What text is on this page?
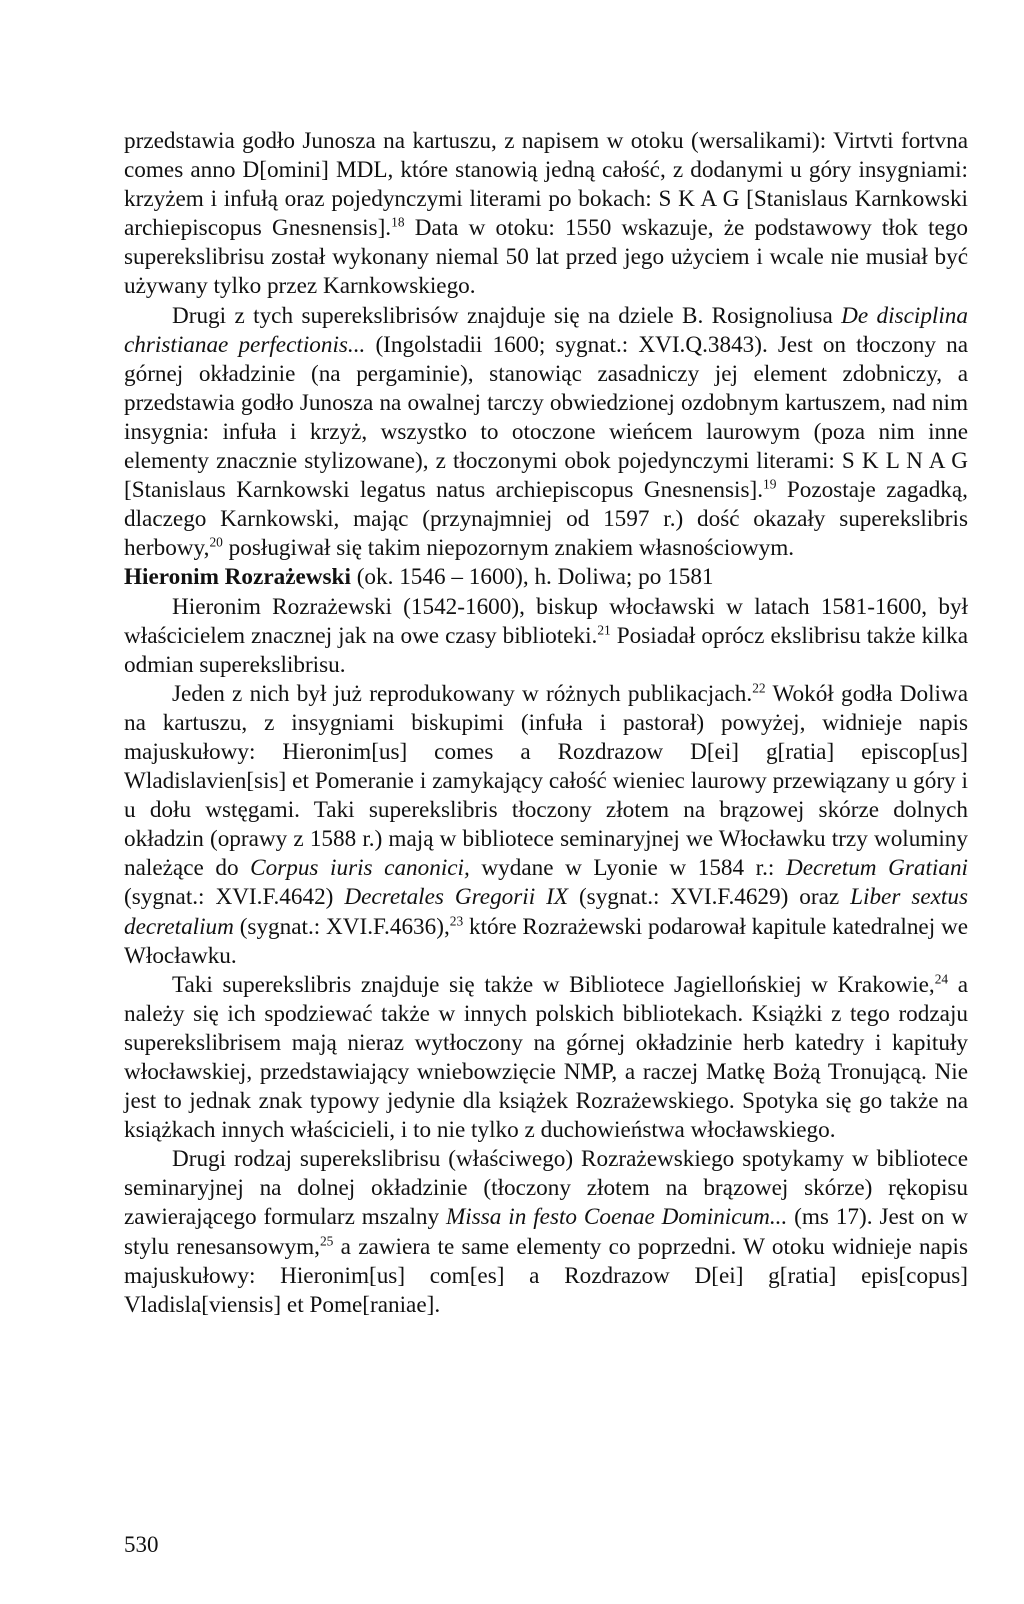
przedstawia godło Junosza na kartuszu, z napisem w otoku (wersalikami): Virtvti fortvna comes anno D[omini] MDL, które stanowią jedną całość, z dodanymi u góry insygniami: krzyżem i infułą oraz pojedynczymi literami po bokach: S K A G [Stanislaus Karnkowski archiepiscopus Gnesnensis].$^{18}$ Data w otoku: 1550 wskazuje, że podstawowy tłok tego superekslibrisu został wykonany niemal 50 lat przed jego użyciem i wcale nie musiał być używany tylko przez Karnkowskiego.

Drugi z tych superekslibrisów znajduje się na dziele B. Rosignoliusa De disciplina christianae perfectionis... (Ingolstadii 1600; sygnat.: XVI.Q.3843). Jest on tłoczony na górnej okładzinie (na pergaminie), stanowiąc zasadniczy jej element zdobniczy, a przedstawia godło Junosza na owalnej tarczy obwiedzionej ozdobnym kartuszem, nad nim insygnia: infuła i krzyż, wszystko to otoczone wieńcem laurowym (poza nim inne elementy znacznie stylizowane), z tłoczonymi obok pojedynczymi literami: S K L N A G [Stanislaus Karnkowski legatus natus archiepiscopus Gnesnensis].$^{19}$ Pozostaje zagadką, dlaczego Karnkowski, mając (przynajmniej od 1597 r.) dość okazały superekslibris herbowy,$^{20}$ posługiwał się takim niepozornym znakiem własnościowym.

Hieronim Rozrażewski (ok. 1546 – 1600), h. Doliwa; po 1581

Hieronim Rozrażewski (1542-1600), biskup włocławski w latach 1581-1600, był właścicielem znacznej jak na owe czasy biblioteki.$^{21}$ Posiadał oprócz ekslibrisu także kilka odmian superekslibrisu.

Jeden z nich był już reprodukowany w różnych publikacjach.$^{22}$ Wokół godła Doliwa na kartuszu, z insygniami biskupimi (infuła i pastorał) powyżej, widnieje napis majuskułowy: Hieronim[us] comes a Rozdrazow D[ei] g[ratia] episcop[us] Wladislavien[sis] et Pomeranie i zamykający całość wieniec laurowy przewiązany u góry i u dołu wstęgami. Taki superekslibris tłoczony złotem na brązowej skórze dolnych okładzin (oprawy z 1588 r.) mają w bibliotece seminaryjnej we Włocławku trzy woluminy należące do Corpus iuris canonici, wydane w Lyonie w 1584 r.: Decretum Gratiani (sygnat.: XVI.F.4642) Decretales Gregorii IX (sygnat.: XVI.F.4629) oraz Liber sextus decretalium (sygnat.: XVI.F.4636),$^{23}$ które Rozrażewski podarował kapitule katedralnej we Włocławku.

Taki superekslibris znajduje się także w Bibliotece Jagiellońskiej w Krakowie,$^{24}$ a należy się ich spodziewać także w innych polskich bibliotekach. Książki z tego rodzaju superekslibrisem mają nieraz wytłoczony na górnej okładzinie herb katedry i kapituły włocławskiej, przedstawiający wniebowzięcie NMP, a raczej Matkę Bożą Tronującą. Nie jest to jednak znak typowy jedynie dla książek Rozrażewskiego. Spotyka się go także na książkach innych właścicieli, i to nie tylko z duchowieństwa włocławskiego.

Drugi rodzaj superekslibrisu (właściwego) Rozrażewskiego spotykamy w bibliotece seminaryjnej na dolnej okładzinie (tłoczony złotem na brązowej skórze) rękopisu zawierającego formularz mszalny Missa in festo Coenae Dominicum... (ms 17). Jest on w stylu renesansowym,$^{25}$ a zawiera te same elementy co poprzedni. W otoku widnieje napis majuskułowy: Hieronim[us] com[es] a Rozdrazow D[ei] g[ratia] epis[copus] Vladisla[viensis] et Pome[raniae].

530
